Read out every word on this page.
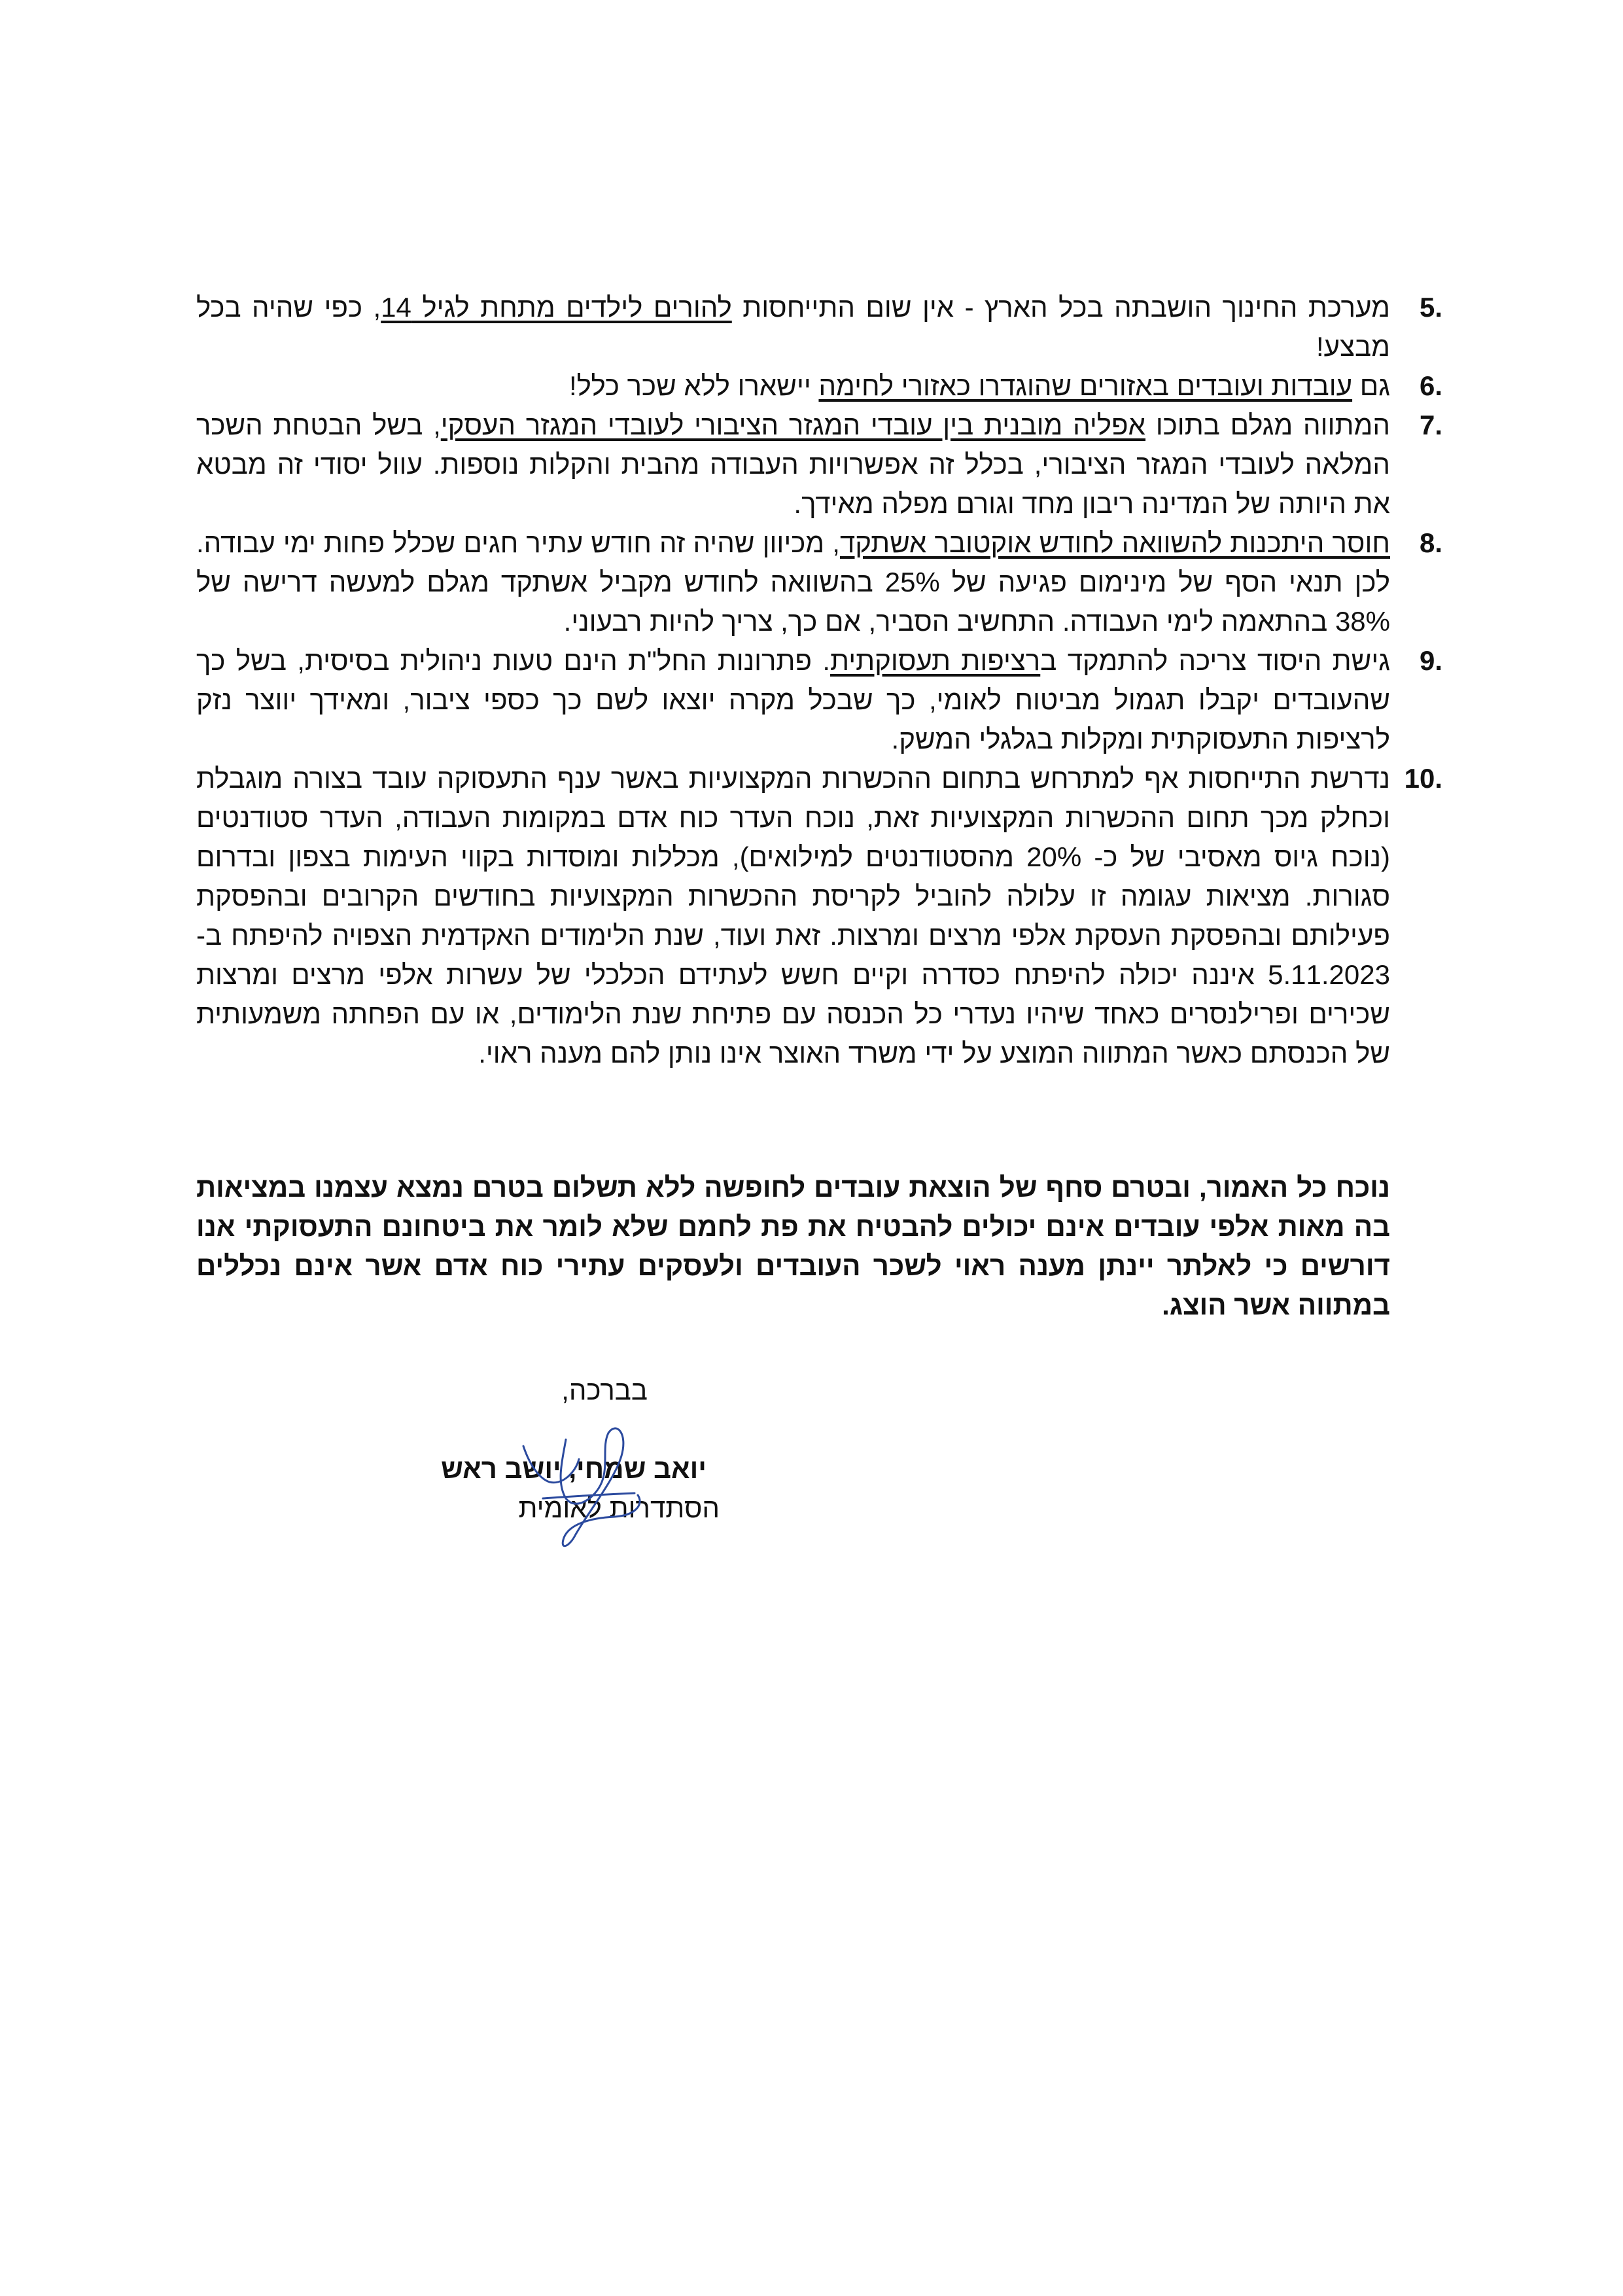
5.
מערכת החינוך הושבתה בכל הארץ - אין שום התייחסות להורים לילדים מתחת לגיל 14, כפי שהיה בכל מבצע!
6.
גם עובדות ועובדים באזורים שהוגדרו כאזורי לחימה יישארו ללא שכר כלל!
7.
המתווה מגלם בתוכו אפליה מובנית בין עובדי המגזר הציבורי לעובדי המגזר העסקי, בשל הבטחת השכר המלאה לעובדי המגזר הציבורי, בכלל זה אפשרויות העבודה מהבית והקלות נוספות. עוול יסודי זה מבטא את היותה של המדינה ריבון מחד וגורם מפלה מאידך.
8.
חוסר היתכנות להשוואה לחודש אוקטובר אשתקד, מכיוון שהיה זה חודש עתיר חגים שכלל פחות ימי עבודה. לכן תנאי הסף של מינימום פגיעה של 25% בהשוואה לחודש מקביל אשתקד מגלם למעשה דרישה של 38% בהתאמה לימי העבודה. התחשיב הסביר, אם כך, צריך להיות רבעוני.
9.
גישת היסוד צריכה להתמקד ברציפות תעסוקתית. פתרונות החל"ת הינם טעות ניהולית בסיסית, בשל כך שהעובדים יקבלו תגמול מביטוח לאומי, כך שבכל מקרה יוצאו לשם כך כספי ציבור, ומאידך יווצר נזק לרציפות התעסוקתית ומקלות בגלגלי המשק.
10.
נדרשת התייחסות אף למתרחש בתחום ההכשרות המקצועיות באשר ענף התעסוקה עובד בצורה מוגבלת וכחלק מכך תחום ההכשרות המקצועיות זאת, נוכח העדר כוח אדם במקומות העבודה, העדר סטודנטים (נוכח גיוס מאסיבי של כ- 20% מהסטודנטים למילואים), מכללות ומוסדות בקווי העימות בצפון ובדרום סגורות. מציאות עגומה זו עלולה להוביל לקריסת ההכשרות המקצועיות בחודשים הקרובים ובהפסקת פעילותם ובהפסקת העסקת אלפי מרצים ומרצות. זאת ועוד, שנת הלימודים האקדמית הצפויה להיפתח ב- 5.11.2023 איננה יכולה להיפתח כסדרה וקיים חשש לעתידם הכלכלי של עשרות אלפי מרצים ומרצות שכירים ופרילנסרים כאחד שיהיו נעדרי כל הכנסה עם פתיחת שנת הלימודים, או עם הפחתה משמעותית של הכנסתם כאשר המתווה המוצע על ידי משרד האוצר אינו נותן להם מענה ראוי.

נוכח כל האמור, ובטרם סחף של הוצאת עובדים לחופשה ללא תשלום בטרם נמצא עצמנו במציאות בה מאות אלפי עובדים אינם יכולים להבטיח את פת לחמם שלא לומר את ביטחונם התעסוקתי אנו דורשים כי לאלתר יינתן מענה ראוי לשכר העובדים ולעסקים עתירי כוח אדם אשר אינם נכללים במתווה אשר הוצג.

בברכה,
יואב שמחי, יושב ראש
הסתדרות לאומית
